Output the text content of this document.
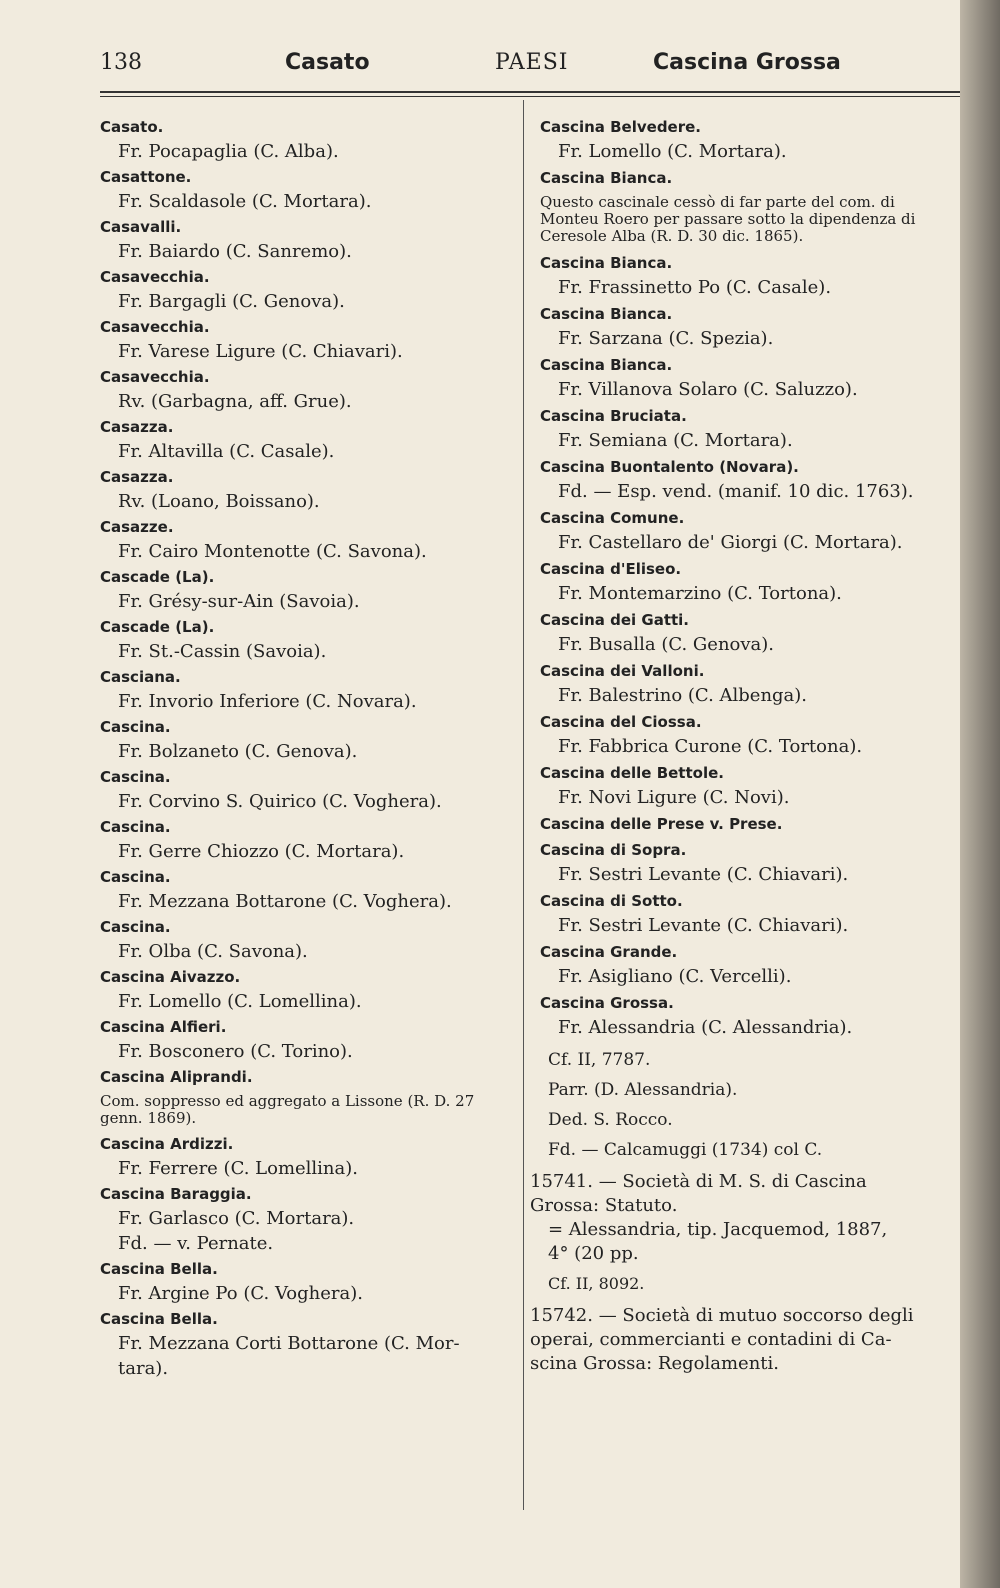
138	Casato	PAESI	Cascina Grossa
Casato.
Fr. Pocapaglia (C. Alba).
Casattone.
Fr. Scaldasole (C. Mortara).
Casavalli.
Fr. Baiardo (C. Sanremo).
Casavecchia.
Fr. Bargagli (C. Genova).
Casavecchia.
Fr. Varese Ligure (C. Chiavari).
Casavecchia.
Rv. (Garbagna, aff. Grue).
Casazza.
Fr. Altavilla (C. Casale).
Casazza.
Rv. (Loano, Boissano).
Casazze.
Fr. Cairo Montenotte (C. Savona).
Cascade (La).
Fr. Grésy-sur-Ain (Savoia).
Cascade (La).
Fr. St.-Cassin (Savoia).
Casciana.
Fr. Invorio Inferiore (C. Novara).
Cascina.
Fr. Bolzaneto (C. Genova).
Cascina.
Fr. Corvino S. Quirico (C. Voghera).
Cascina.
Fr. Gerre Chiozzo (C. Mortara).
Cascina.
Fr. Mezzana Bottarone (C. Voghera).
Cascina.
Fr. Olba (C. Savona).
Cascina Aivazzo.
Fr. Lomello (C. Lomellina).
Cascina Alfieri.
Fr. Bosconero (C. Torino).
Cascina Aliprandi.
Com. soppresso ed aggregato a Lissone (R. D. 27 genn. 1869).
Cascina Ardizzi.
Fr. Ferrere (C. Lomellina).
Cascina Baraggia.
Fr. Garlasco (C. Mortara).
Fd. — v. Pernate.
Cascina Bella.
Fr. Argine Po (C. Voghera).
Cascina Bella.
Fr. Mezzana Corti Bottarone (C. Mor-
tara).
Cascina Belvedere.
Fr. Lomello (C. Mortara).
Cascina Bianca.
Questo cascinale cessò di far parte del com. di Monteu Roero per passare sotto la dipendenza di Ceresole Alba (R. D. 30 dic. 1865).
Cascina Bianca.
Fr. Frassinetto Po (C. Casale).
Cascina Bianca.
Fr. Sarzana (C. Spezia).
Cascina Bianca.
Fr. Villanova Solaro (C. Saluzzo).
Cascina Bruciata.
Fr. Semiana (C. Mortara).
Cascina Buontalento (Novara).
Fd. — Esp. vend. (manif. 10 dic. 1763).
Cascina Comune.
Fr. Castellaro de' Giorgi (C. Mortara).
Cascina d'Eliseo.
Fr. Montemarzino (C. Tortona).
Cascina dei Gatti.
Fr. Busalla (C. Genova).
Cascina dei Valloni.
Fr. Balestrino (C. Albenga).
Cascina del Ciossa.
Fr. Fabbrica Curone (C. Tortona).
Cascina delle Bettole.
Fr. Novi Ligure (C. Novi).
Cascina delle Prese v. Prese.
Cascina di Sopra.
Fr. Sestri Levante (C. Chiavari).
Cascina di Sotto.
Fr. Sestri Levante (C. Chiavari).
Cascina Grande.
Fr. Asigliano (C. Vercelli).
Cascina Grossa.
Fr. Alessandria (C. Alessandria).
Cf. II, 7787.
Parr. (D. Alessandria).
Ded. S. Rocco.
Fd. — Calcamuggi (1734) col C.
15741. — Società di M. S. di Cascina
Grossa: Statuto.
= Alessandria, tip. Jacquemod, 1887,
4° (20 pp.
Cf. II, 8092.
15742. — Società di mutuo soccorso degli
operai, commercianti e contadini di Ca-
scina Grossa: Regolamenti.
